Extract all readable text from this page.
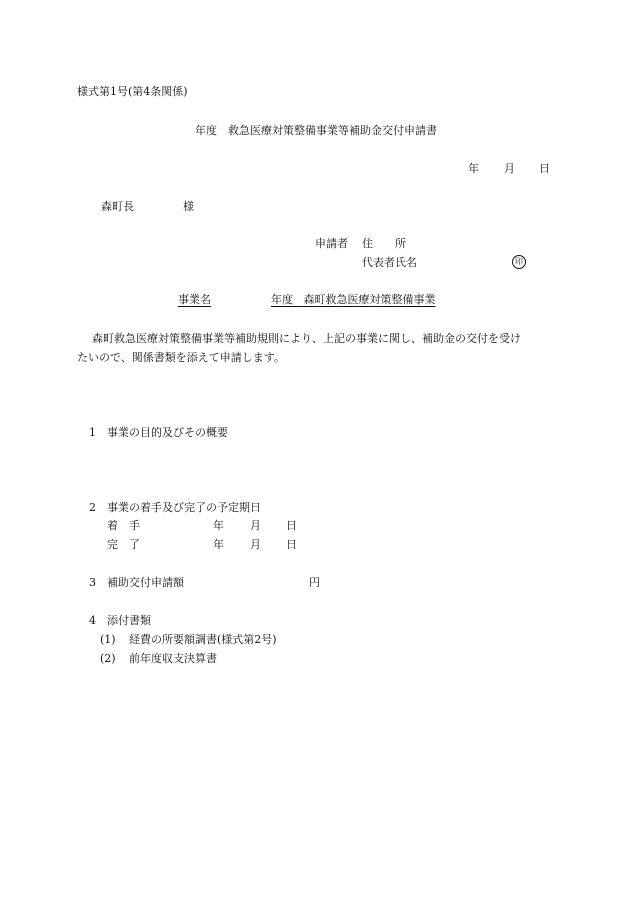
様式第1号(第4条関係)
年度　救急医療対策整備事業等補助金交付申請書
年 月 日
森町長	様
申請者 住　　所
代表者氏名	印
事業名	年度 森町救急医療対策整備事業
森町救急医療対策整備事業等補助規則により、上記の事業に関し、補助金の交付を受け
たいので、関係書類を添えて申請します。
1 事業の目的及びその概要
2 事業の着手及び完了の予定期日
着　手	年 月 日
完　了	年 月 日
3 補助交付申請額	円
4 添付書類
(1) 経費の所要額調書(様式第2号)
(2) 前年度収支決算書
